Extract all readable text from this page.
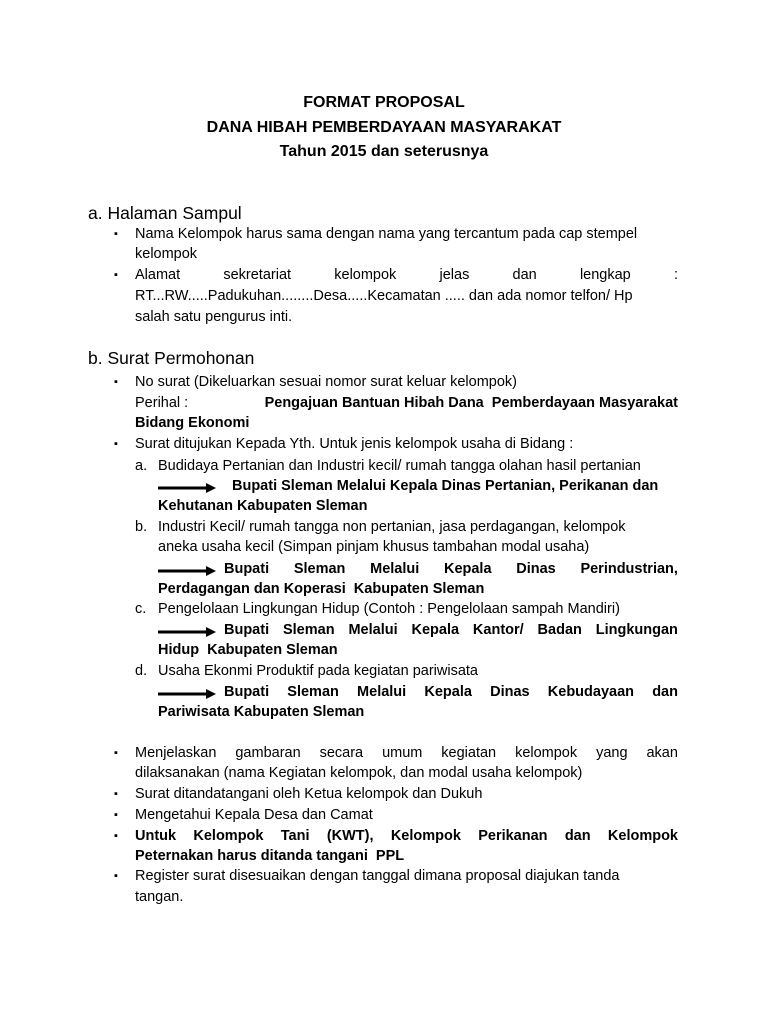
FORMAT PROPOSAL
DANA HIBAH PEMBERDAYAAN MASYARAKAT
Tahun 2015 dan seterusnya
a. Halaman Sampul
▪ Nama Kelompok harus sama dengan nama yang tercantum pada cap stempel
kelompok
▪ Alamat	sekretariat	kelompok	jelas	dan	lengkap	:
RT...RW.....Padukuhan........Desa.....Kecamatan ..... dan ada nomor telfon/ Hp
salah satu pengurus inti.
b. Surat Permohonan
▪ No surat (Dikeluarkan sesuai nomor surat keluar kelompok)
Perihal :	Pengajuan Bantuan Hibah Dana  Pemberdayaan Masyarakat
Bidang Ekonomi
▪ Surat ditujukan Kepada Yth. Untuk jenis kelompok usaha di Bidang :
a. Budidaya Pertanian dan Industri kecil/ rumah tangga olahan hasil pertanian
Bupati Sleman Melalui Kepala Dinas Pertanian, Perikanan dan
Kehutanan Kabupaten Sleman
b. Industri Kecil/ rumah tangga non pertanian, jasa perdagangan, kelompok
aneka usaha kecil (Simpan pinjam khusus tambahan modal usaha)
Bupati Sleman Melalui Kepala Dinas Perindustrian,
Perdagangan dan Koperasi  Kabupaten Sleman
c. Pengelolaan Lingkungan Hidup (Contoh : Pengelolaan sampah Mandiri)
Bupati Sleman Melalui Kepala Kantor/ Badan Lingkungan
Hidup  Kabupaten Sleman
d. Usaha Ekonmi Produktif pada kegiatan pariwisata
Bupati Sleman Melalui Kepala Dinas Kebudayaan dan
Pariwisata Kabupaten Sleman
▪ Menjelaskan gambaran secara umum kegiatan kelompok yang akan
dilaksanakan (nama Kegiatan kelompok, dan modal usaha kelompok)
▪ Surat ditandatangani oleh Ketua kelompok dan Dukuh
▪ Mengetahui Kepala Desa dan Camat
▪ Untuk Kelompok Tani (KWT), Kelompok Perikanan dan Kelompok
Peternakan harus ditanda tangani  PPL
▪ Register surat disesuaikan dengan tanggal dimana proposal diajukan tanda
tangan.
